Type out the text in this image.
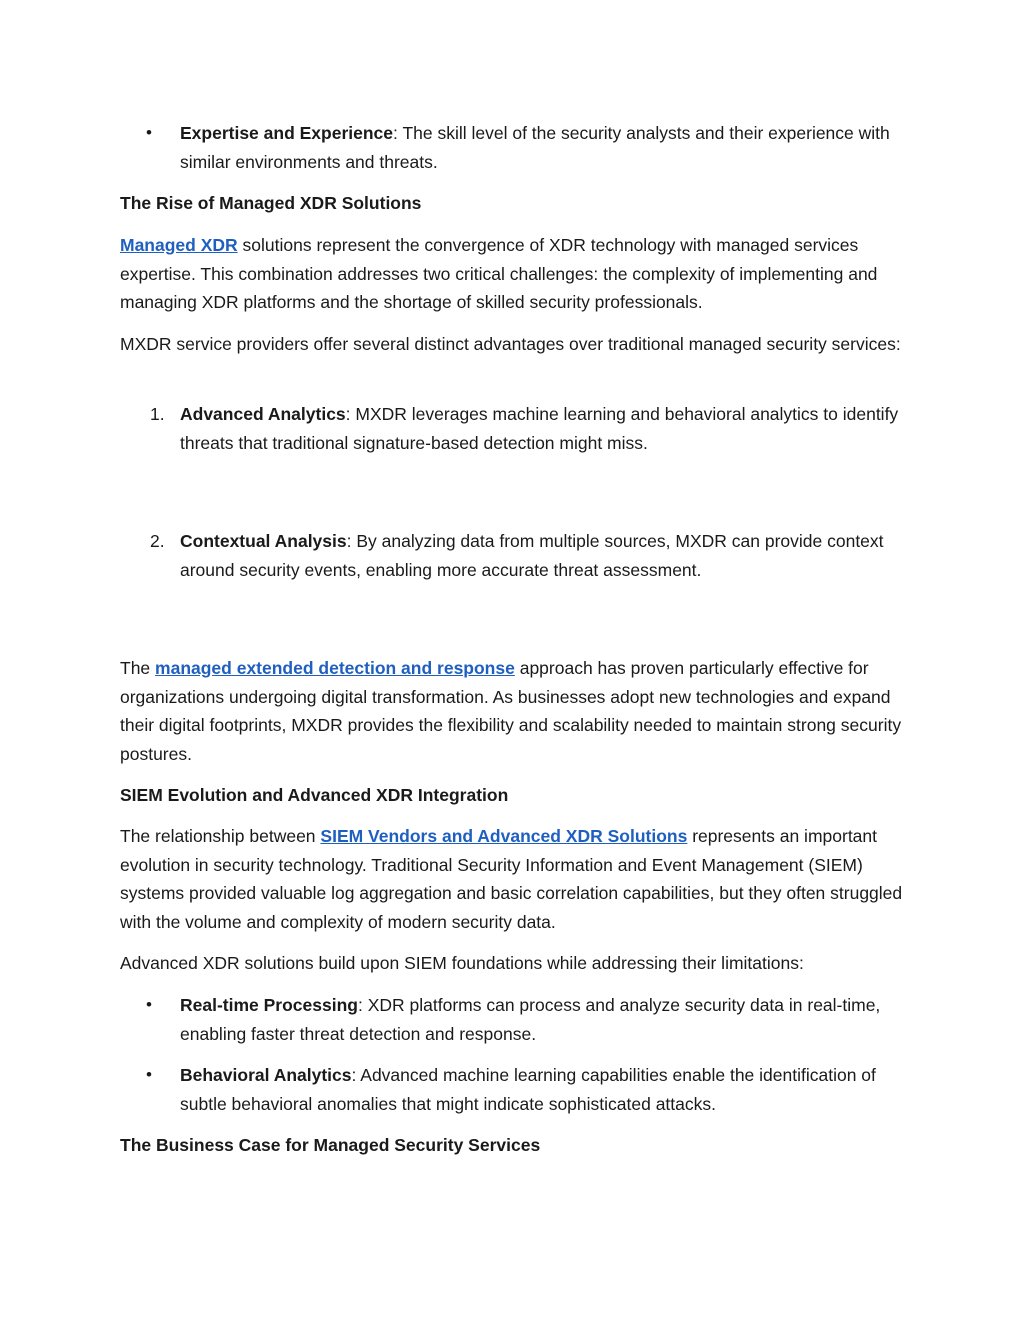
• Expertise and Experience: The skill level of the security analysts and their experience with similar environments and threats.
The Rise of Managed XDR Solutions
Managed XDR solutions represent the convergence of XDR technology with managed services expertise. This combination addresses two critical challenges: the complexity of implementing and managing XDR platforms and the shortage of skilled security professionals.
MXDR service providers offer several distinct advantages over traditional managed security services:
1. Advanced Analytics: MXDR leverages machine learning and behavioral analytics to identify threats that traditional signature-based detection might miss.
2. Contextual Analysis: By analyzing data from multiple sources, MXDR can provide context around security events, enabling more accurate threat assessment.
The managed extended detection and response approach has proven particularly effective for organizations undergoing digital transformation. As businesses adopt new technologies and expand their digital footprints, MXDR provides the flexibility and scalability needed to maintain strong security postures.
SIEM Evolution and Advanced XDR Integration
The relationship between SIEM Vendors and Advanced XDR Solutions represents an important evolution in security technology. Traditional Security Information and Event Management (SIEM) systems provided valuable log aggregation and basic correlation capabilities, but they often struggled with the volume and complexity of modern security data.
Advanced XDR solutions build upon SIEM foundations while addressing their limitations:
• Real-time Processing: XDR platforms can process and analyze security data in real-time, enabling faster threat detection and response.
• Behavioral Analytics: Advanced machine learning capabilities enable the identification of subtle behavioral anomalies that might indicate sophisticated attacks.
The Business Case for Managed Security Services
